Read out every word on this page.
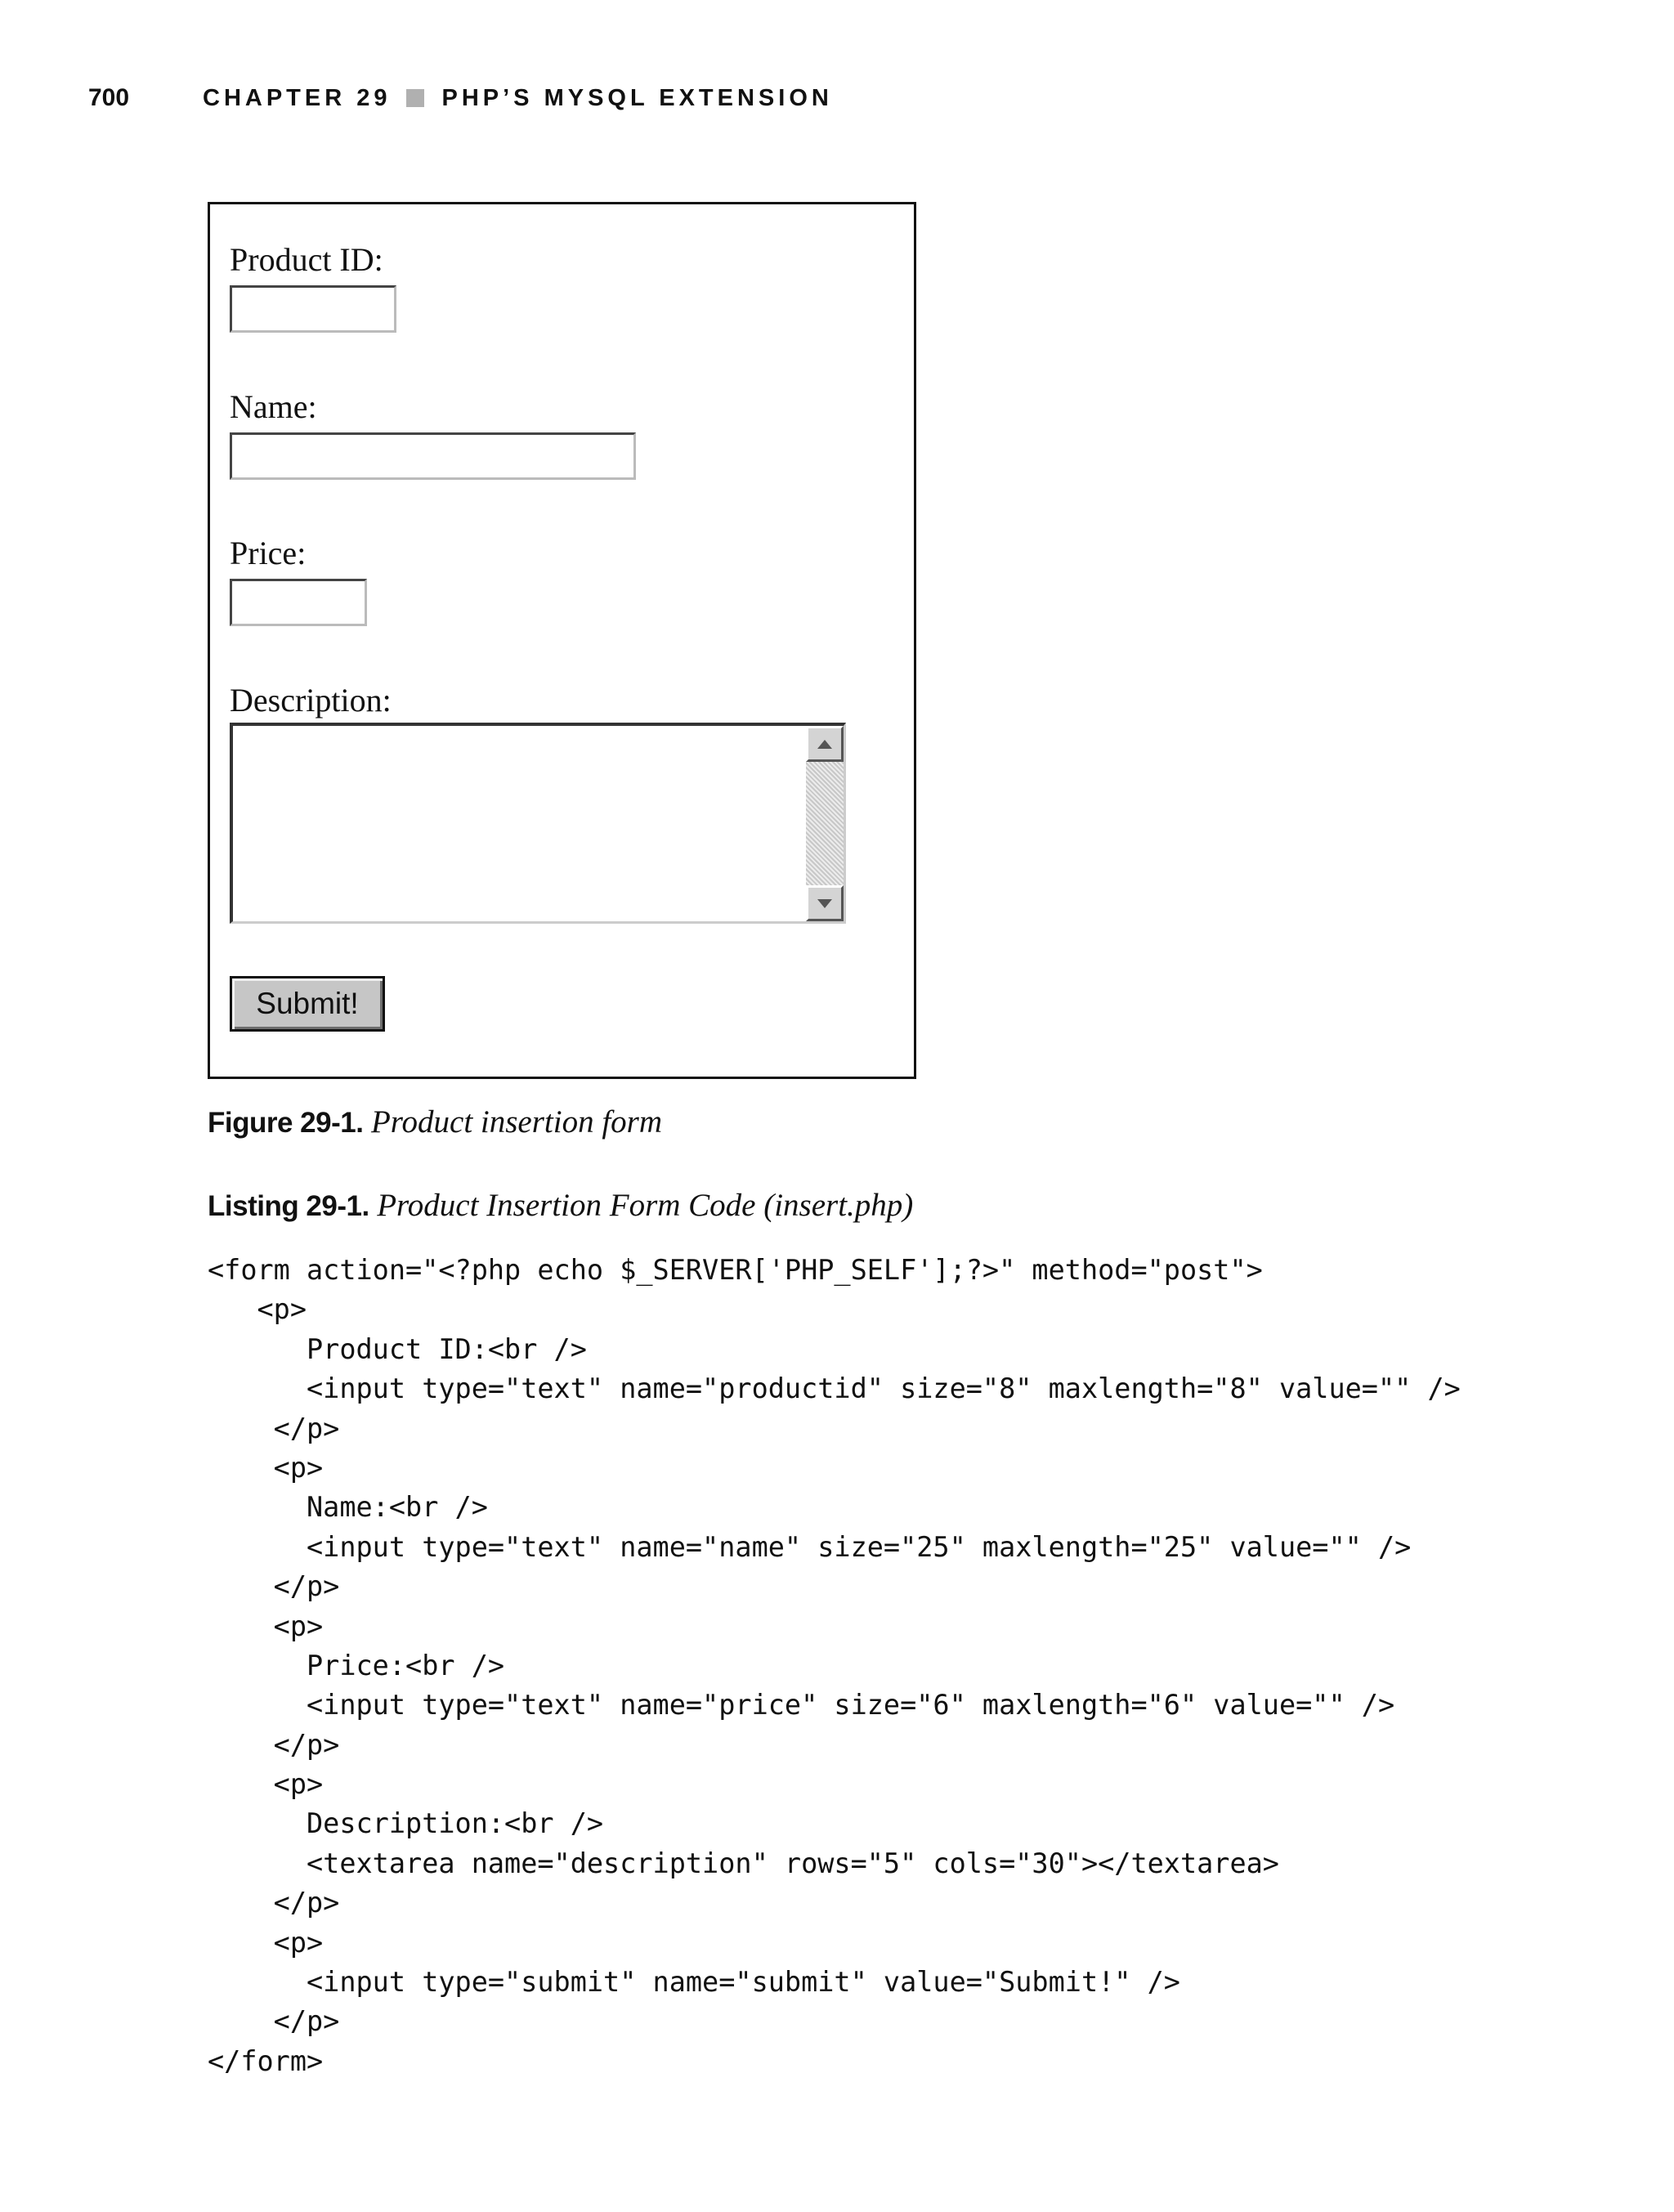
700	CHAPTER 29 PHP’S MYSQL EXTENSION
Product ID:
Name:
Price:
Description:
Submit!
Figure 29-1. Product insertion form
Listing 29-1. Product Insertion Form Code (insert.php)
<form action="<?php echo $_SERVER['PHP_SELF'];?>" method="post">
<p>
Product ID:<br />
<input type="text" name="productid" size="8" maxlength="8" value="" />
</p>
<p>
Name:<br />
<input type="text" name="name" size="25" maxlength="25" value="" />
</p>
<p>
Price:<br />
<input type="text" name="price" size="6" maxlength="6" value="" />
</p>
<p>
Description:<br />
<textarea name="description" rows="5" cols="30"></textarea>
</p>
<p>
<input type="submit" name="submit" value="Submit!" />
</p>
</form>
